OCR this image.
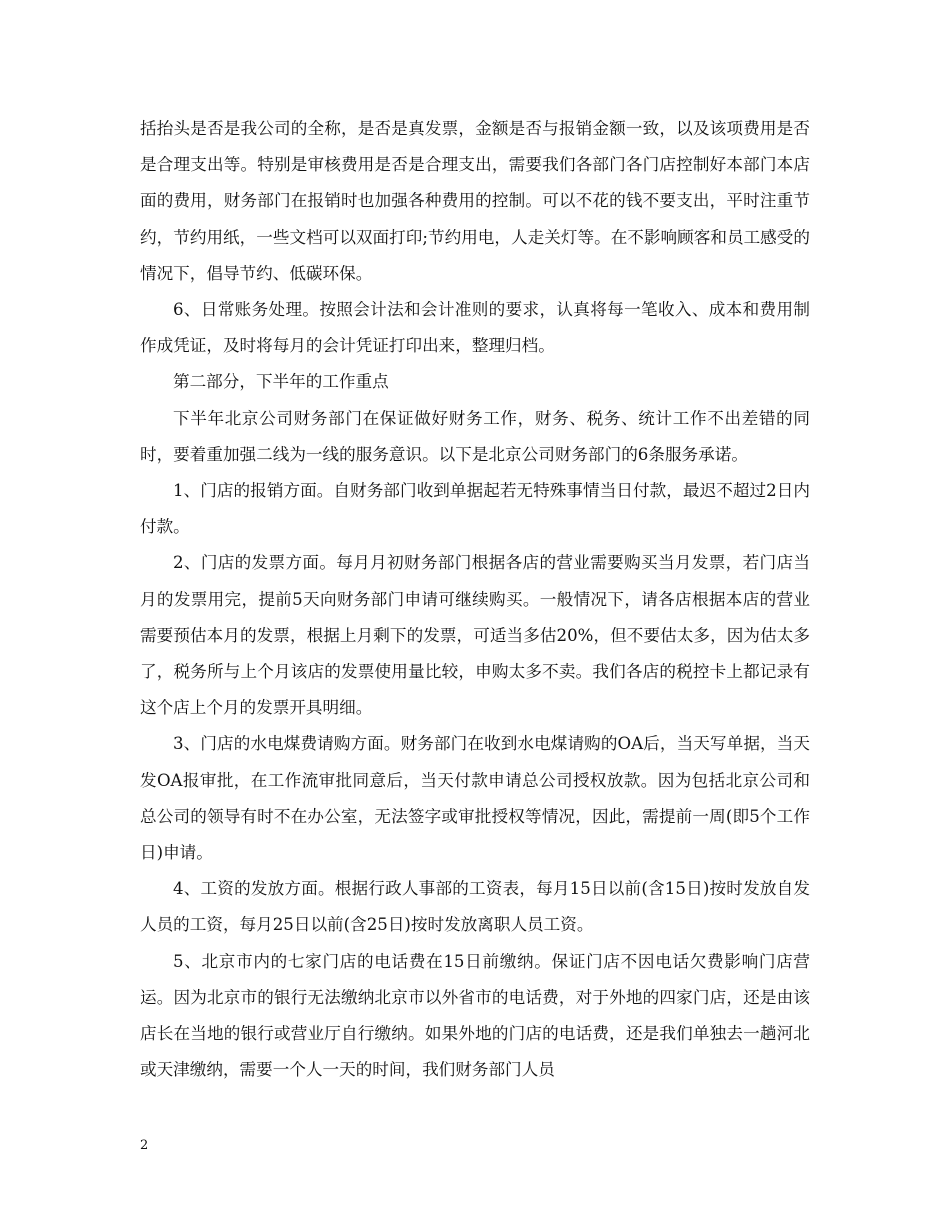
括抬头是否是我公司的全称，是否是真发票，金额是否与报销金额一致，以及该项费用是否是合理支出等。特别是审核费用是否是合理支出，需要我们各部门各门店控制好本部门本店面的费用，财务部门在报销时也加强各种费用的控制。可以不花的钱不要支出，平时注重节约，节约用纸，一些文档可以双面打印;节约用电，人走关灯等。在不影响顾客和员工感受的情况下，倡导节约、低碳环保。

6、日常账务处理。按照会计法和会计准则的要求，认真将每一笔收入、成本和费用制作成凭证，及时将每月的会计凭证打印出来，整理归档。

第二部分，下半年的工作重点

下半年北京公司财务部门在保证做好财务工作，财务、税务、统计工作不出差错的同时，要着重加强二线为一线的服务意识。以下是北京公司财务部门的6条服务承诺。

1、门店的报销方面。自财务部门收到单据起若无特殊事情当日付款，最迟不超过2日内付款。

2、门店的发票方面。每月月初财务部门根据各店的营业需要购买当月发票，若门店当月的发票用完，提前5天向财务部门申请可继续购买。一般情况下，请各店根据本店的营业需要预估本月的发票，根据上月剩下的发票，可适当多估20%，但不要估太多，因为估太多了，税务所与上个月该店的发票使用量比较，申购太多不卖。我们各店的税控卡上都记录有这个店上个月的发票开具明细。

3、门店的水电煤费请购方面。财务部门在收到水电煤请购的OA后，当天写单据，当天发OA报审批，在工作流审批同意后，当天付款申请总公司授权放款。因为包括北京公司和总公司的领导有时不在办公室，无法签字或审批授权等情况，因此，需提前一周(即5个工作日)申请。

4、工资的发放方面。根据行政人事部的工资表，每月15日以前(含15日)按时发放自发人员的工资，每月25日以前(含25日)按时发放离职人员工资。

5、北京市内的七家门店的电话费在15日前缴纳。保证门店不因电话欠费影响门店营运。因为北京市的银行无法缴纳北京市以外省市的电话费，对于外地的四家门店，还是由该店长在当地的银行或营业厅自行缴纳。如果外地的门店的电话费，还是我们单独去一趟河北或天津缴纳，需要一个人一天的时间，我们财务部门人员

2
